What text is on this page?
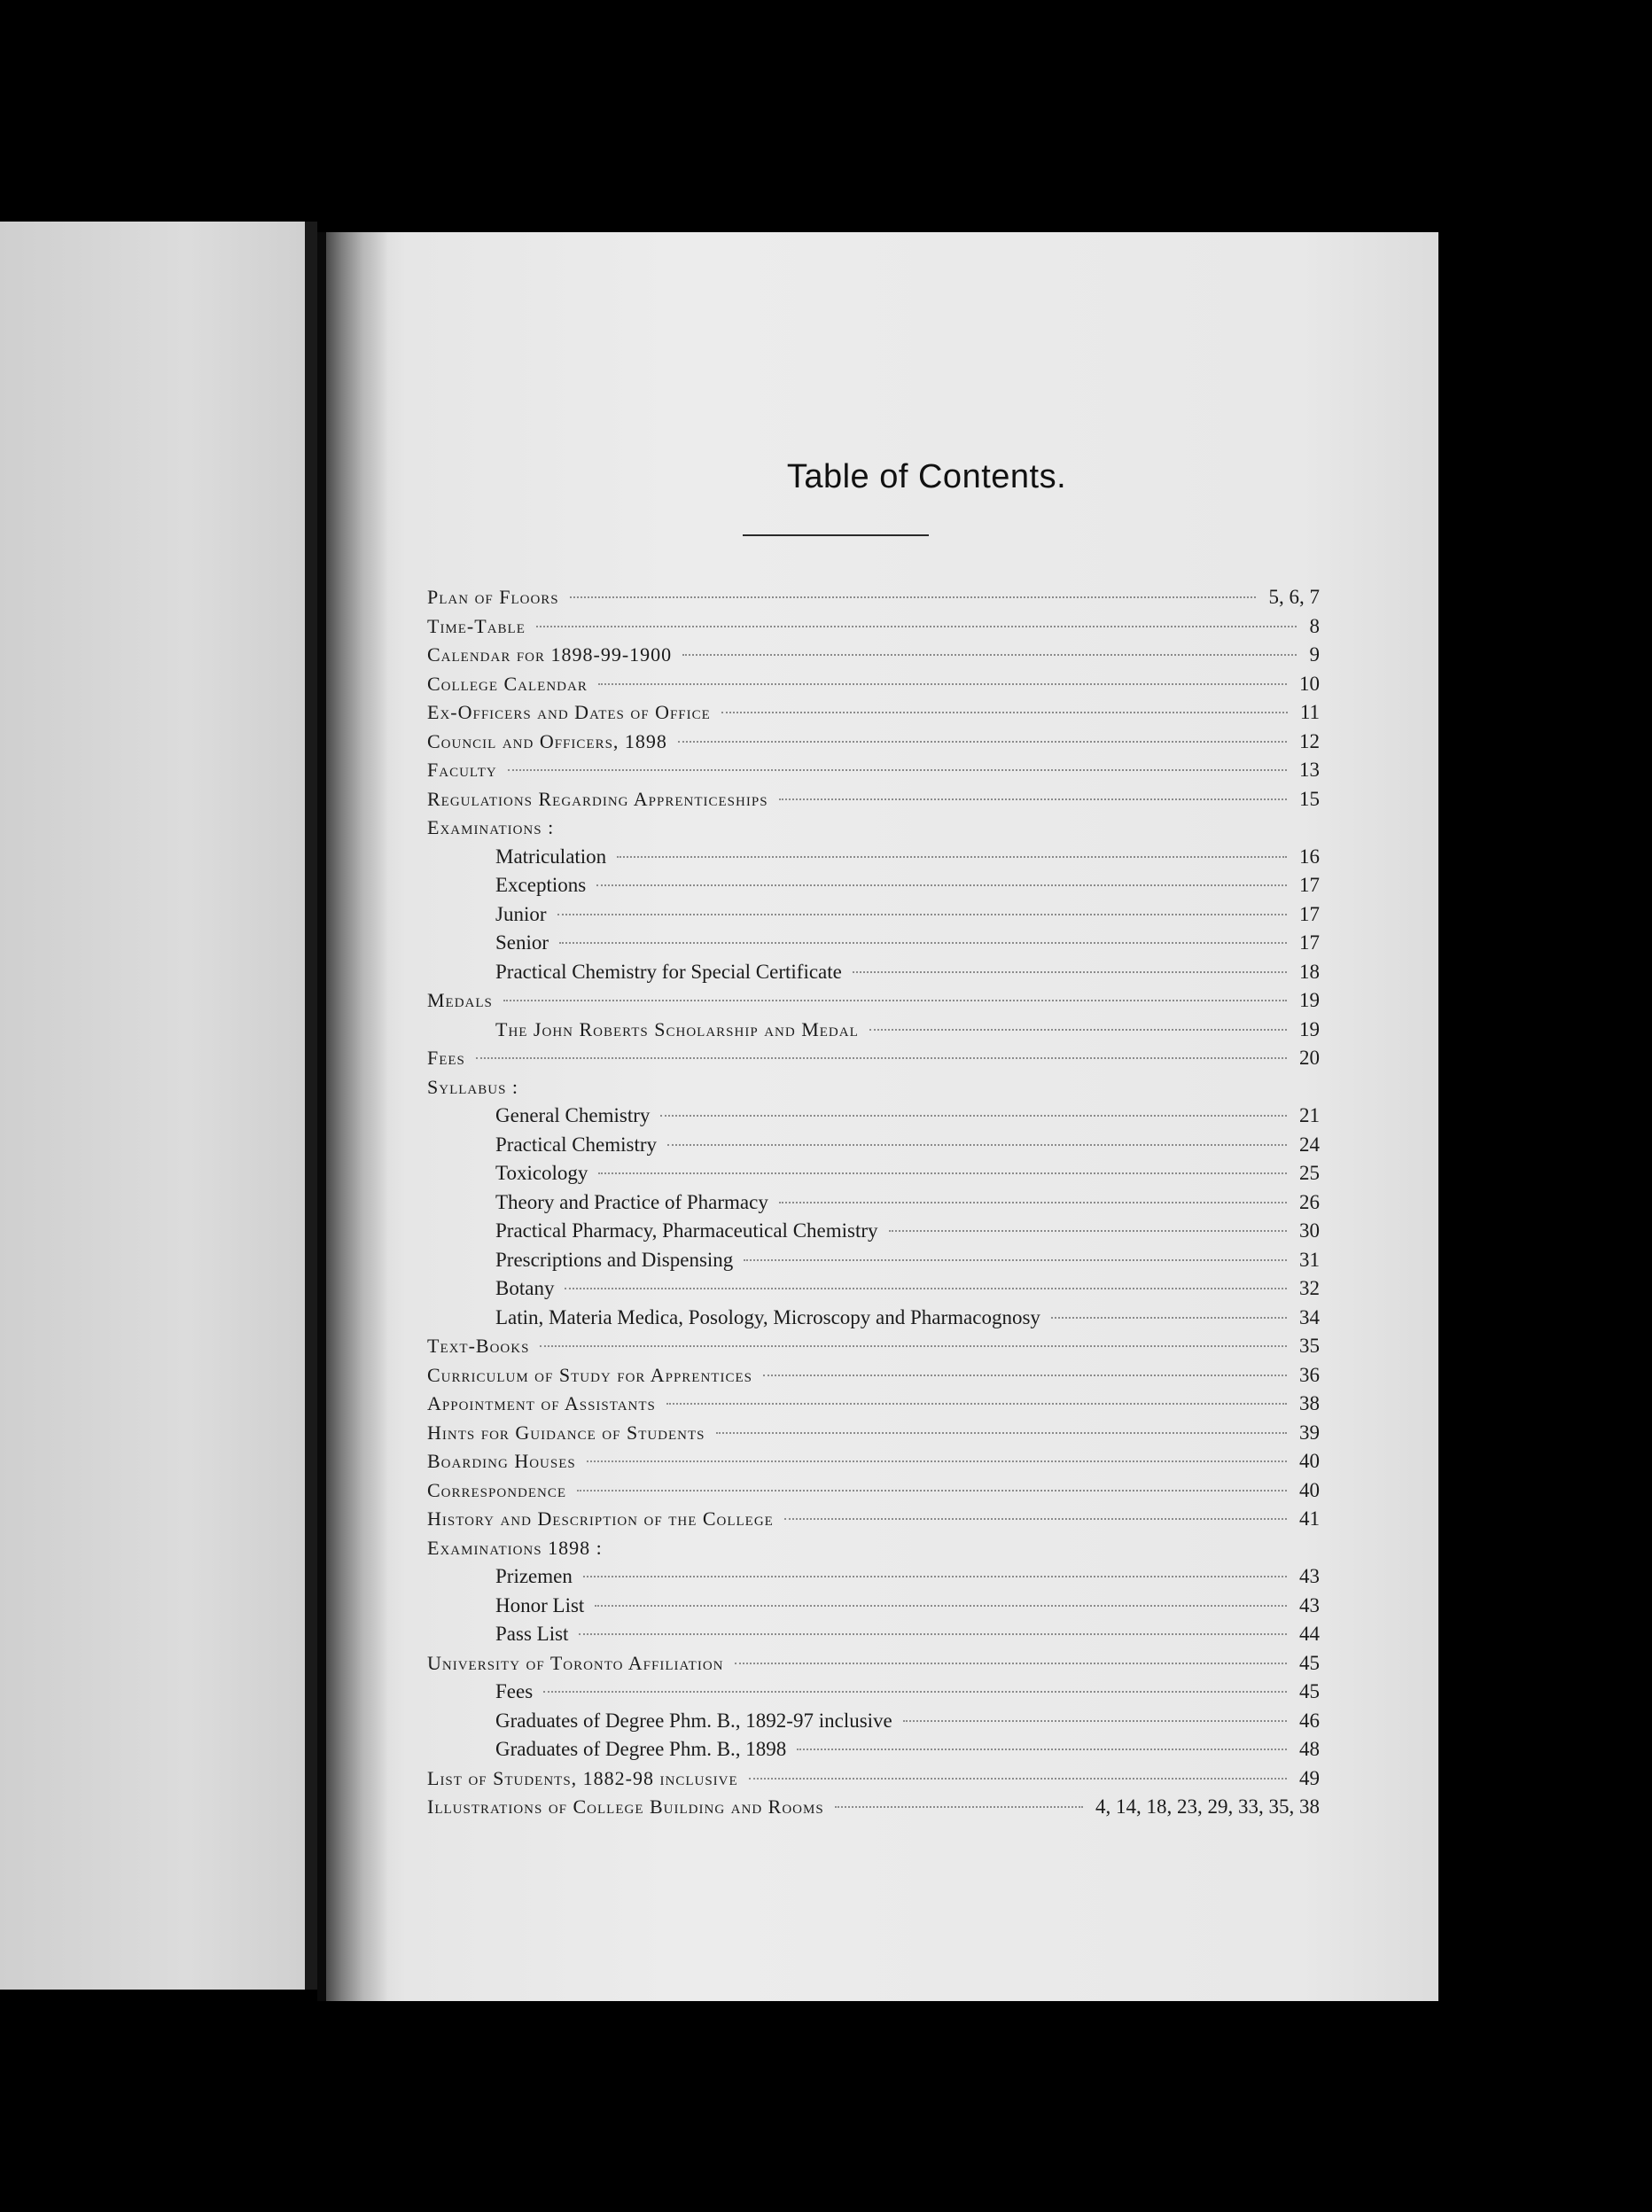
Table of Contents.
Plan of Floors	5, 6, 7
Time-Table	8
Calendar for 1898-99-1900	9
College Calendar	10
Ex-Officers and Dates of Office	11
Council and Officers, 1898	12
Faculty	13
Regulations Regarding Apprenticeships	15
Examinations :
Matriculation	16
Exceptions	17
Junior	17
Senior	17
Practical Chemistry for Special Certificate	18
Medals	19
The John Roberts Scholarship and Medal	19
Fees	20
Syllabus :
General Chemistry	21
Practical Chemistry	24
Toxicology	25
Theory and Practice of Pharmacy	26
Practical Pharmacy, Pharmaceutical Chemistry	30
Prescriptions and Dispensing	31
Botany	32
Latin, Materia Medica, Posology, Microscopy and Pharmacognosy	34
Text-Books	35
Curriculum of Study for Apprentices	36
Appointment of Assistants	38
Hints for Guidance of Students	39
Boarding Houses	40
Correspondence	40
History and Description of the College	41
Examinations 1898 :
Prizemen	43
Honor List	43
Pass List	44
University of Toronto Affiliation	45
Fees	45
Graduates of Degree Phm. B., 1892-97 inclusive	46
Graduates of Degree Phm. B., 1898	48
List of Students, 1882-98 inclusive	49
Illustrations of College Building and Rooms	4, 14, 18, 23, 29, 33, 35, 38
